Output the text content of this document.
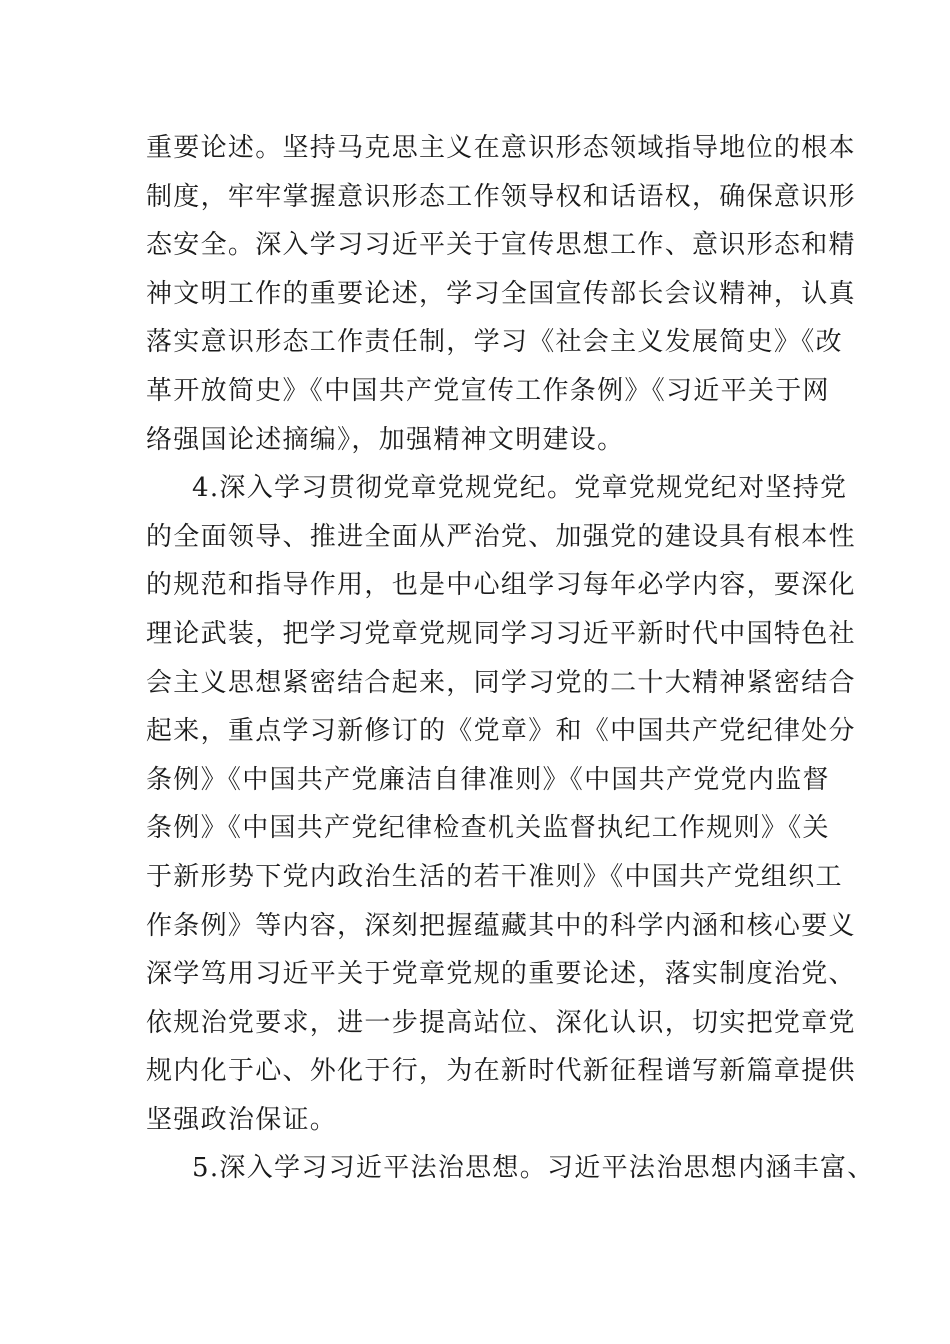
重要论述。坚持马克思主义在意识形态领域指导地位的根本
制度，牢牢掌握意识形态工作领导权和话语权，确保意识形
态安全。深入学习习近平关于宣传思想工作、意识形态和精
神文明工作的重要论述，学习全国宣传部长会议精神，认真
落实意识形态工作责任制，学习《社会主义发展简史》《改
革开放简史》《中国共产党宣传工作条例》《习近平关于网
络强国论述摘编》，加强精神文明建设。
4.深入学习贯彻党章党规党纪。党章党规党纪对坚持党
的全面领导、推进全面从严治党、加强党的建设具有根本性
的规范和指导作用，也是中心组学习每年必学内容，要深化
理论武装，把学习党章党规同学习习近平新时代中国特色社
会主义思想紧密结合起来，同学习党的二十大精神紧密结合
起来，重点学习新修订的《党章》和《中国共产党纪律处分
条例》《中国共产党廉洁自律准则》《中国共产党党内监督
条例》《中国共产党纪律检查机关监督执纪工作规则》《关
于新形势下党内政治生活的若干准则》《中国共产党组织工
作条例》等内容，深刻把握蕴藏其中的科学内涵和核心要义
深学笃用习近平关于党章党规的重要论述，落实制度治党、
依规治党要求，进一步提高站位、深化认识，切实把党章党
规内化于心、外化于行，为在新时代新征程谱写新篇章提供
坚强政治保证。
5.深入学习习近平法治思想。习近平法治思想内涵丰富、
